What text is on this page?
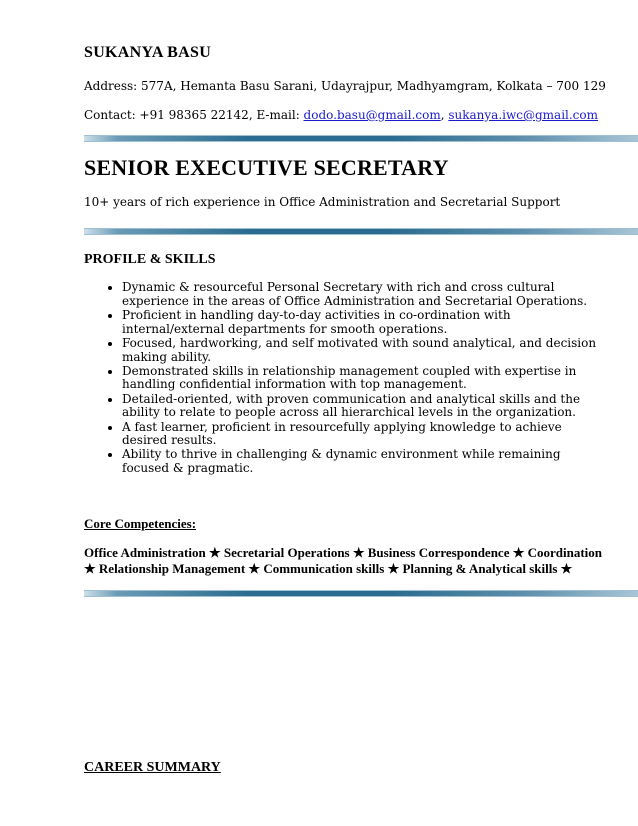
SUKANYA BASU
Address: 577A, Hemanta Basu Sarani, Udayrajpur, Madhyamgram, Kolkata – 700 129
Contact: +91 98365 22142, E-mail: dodo.basu@gmail.com, sukanya.iwc@gmail.com
SENIOR EXECUTIVE SECRETARY
10+ years of rich experience in Office Administration and Secretarial Support
PROFILE & SKILLS
• Dynamic & resourceful Personal Secretary with rich and cross cultural experience in the areas of Office Administration and Secretarial Operations.
• Proficient in handling day-to-day activities in co-ordination with internal/external departments for smooth operations.
• Focused, hardworking, and self motivated with sound analytical, and decision making ability.
• Demonstrated skills in relationship management coupled with expertise in handling confidential information with top management.
• Detailed-oriented, with proven communication and analytical skills and the ability to relate to people across all hierarchical levels in the organization.
• A fast learner, proficient in resourcefully applying knowledge to achieve desired results.
• Ability to thrive in challenging & dynamic environment while remaining focused & pragmatic.
Core Competencies:
Office Administration ★ Secretarial Operations ★ Business Correspondence ★ Coordination
★ Relationship Management ★ Communication skills ★ Planning & Analytical skills ★
CAREER SUMMARY
